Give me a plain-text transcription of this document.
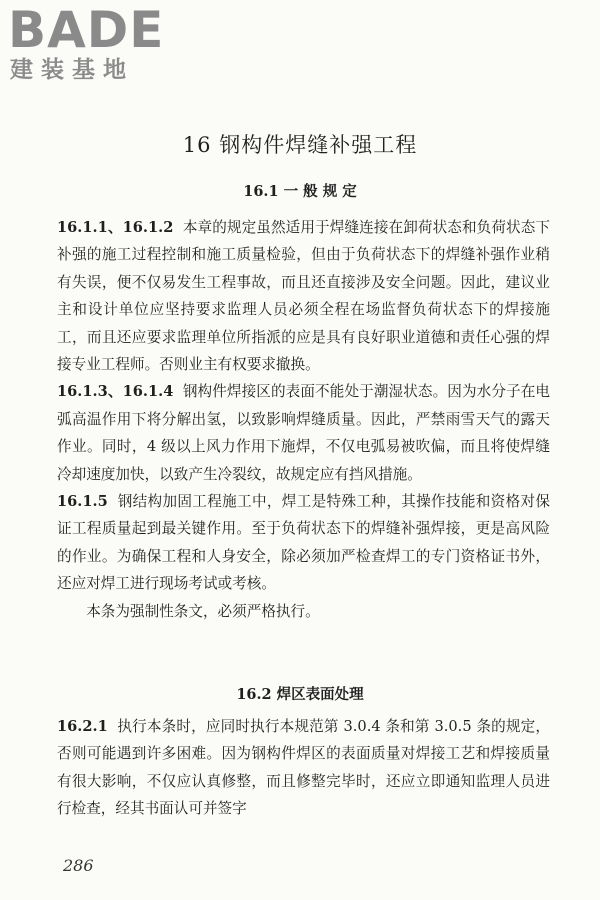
BADE
建装基地
16 钢构件焊缝补强工程
16.1 一 般 规 定

16.1.1、16.1.2 本章的规定虽然适用于焊缝连接在卸荷状态和负荷状态下补强的施工过程控制和施工质量检验，但由于负荷状态下的焊缝补强作业稍有失误，便不仅易发生工程事故，而且还直接涉及安全问题。因此，建议业主和设计单位应坚持要求监理人员必须全程在场监督负荷状态下的焊接施工，而且还应要求监理单位所指派的应是具有良好职业道德和责任心强的焊接专业工程师。否则业主有权要求撤换。

16.1.3、16.1.4 钢构件焊接区的表面不能处于潮湿状态。因为水分子在电弧高温作用下将分解出氢，以致影响焊缝质量。因此，严禁雨雪天气的露天作业。同时，4 级以上风力作用下施焊，不仅电弧易被吹偏，而且将使焊缝冷却速度加快，以致产生冷裂纹，故规定应有挡风措施。

16.1.5 钢结构加固工程施工中，焊工是特殊工种，其操作技能和资格对保证工程质量起到最关键作用。至于负荷状态下的焊缝补强焊接，更是高风险的作业。为确保工程和人身安全，除必须加严检查焊工的专门资格证书外，还应对焊工进行现场考试或考核。

本条为强制性条文，必须严格执行。

16.2 焊区表面处理

16.2.1 执行本条时，应同时执行本规范第 3.0.4 条和第 3.0.5 条的规定，否则可能遇到许多困难。因为钢构件焊区的表面质量对焊接工艺和焊接质量有很大影响，不仅应认真修整，而且修整完毕时，还应立即通知监理人员进行检查，经其书面认可并签字

286
